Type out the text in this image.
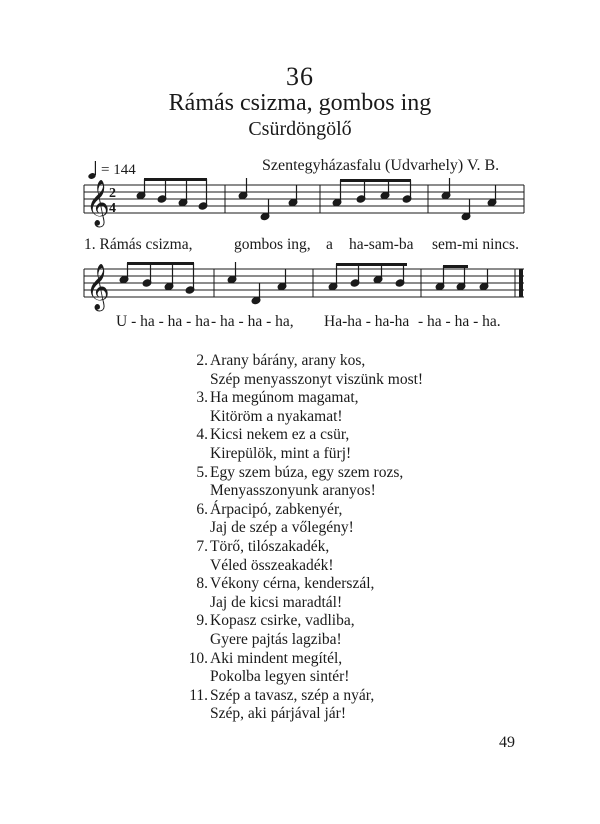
36
Rámás csizma, gombos ing
Csürdöngölő
= 144	Szentegyházasfalu (Udvarhely) V. B.
𝄞 2
4
1. Rámás csizma,	gombos ing, a ha-sam-ba sem-mi nincs.
𝄞
U - ha - ha - ha - ha - ha - ha, Ha-ha - ha-ha - ha - ha - ha.
2. Arany bárány, arany kos,
Szép menyasszonyt viszünk most!
3. Ha megúnom magamat,
Kitöröm a nyakamat!
4. Kicsi nekem ez a csür,
Kirepülök, mint a fürj!
5. Egy szem búza, egy szem rozs,
Menyasszonyunk aranyos!
6. Árpacipó, zabkenyér,
Jaj de szép a vőlegény!
7. Törő, tilószakadék,
Véled összeakadék!
8. Vékony cérna, kenderszál,
Jaj de kicsi maradtál!
9. Kopasz csirke, vadliba,
Gyere pajtás lagziba!
10. Aki mindent megítél,
Pokolba legyen sintér!
11. Szép a tavasz, szép a nyár,
Szép, aki párjával jár!
49
